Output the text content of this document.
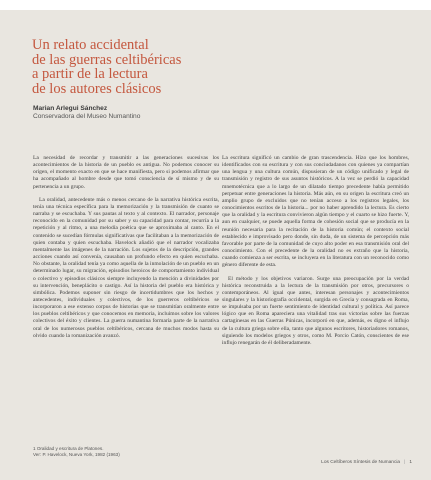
Un relato accidental
de las guerras celtibéricas
a partir de la lectura
de los autores clásicos
Marian Arlegui Sánchez
Conservadora del Museo Numantino

La necesidad de recordar y transmitir a las generaciones sucesivas los acontecimientos de la historia de un pueblo es antigua. No podemos conocer su origen, el momento exacto en que se hace manifiesta, pero si podemos afirmar que ha acompañado al hombre desde que tomó consciencia de sí mismo y de su pertenencia a un grupo.

La oralidad, antecedente más o menos cercano de la narrativa histórica escrita, tenía una técnica específica para la memorización y la transmisión de cuanto se narraba y se escuchaba. Y sus pautas al texto y al contexto. El narrador, personaje reconocido en la comunidad por su saber y su capacidad para contar, recurría a la repetición y al ritmo, a una melodía poética que se aproximaba al canto. En el contenido se sucedían fórmulas significativas que facilitaban a la memorización de quien contaba y quien escuchaba. Havelock añadió que el narrador vocalizaba mentalmente las imágenes de la narración. Los sujetos de la descripción, grandes acciones cuando así convenía, causaban un profundo efecto en quien escuchaba. No obstante, la oralidad tenía ya como aquella de la inmolación de un pueblo en un determinado lugar, su migración, episodios heroicos de comportamiento individual o colectivo y episodios clásicos siempre incluyendo la mención a divinidades por su intervención, beneplácito o castigo. Así la historia del pueblo era histórica y simbólica. Podemos suponer sin riesgo de incertidumbres que los hechos y antecedentes, individuales y colectivos, de los guerreros celtibéricos se incorporaron a ese extenso corpus de historias que se transmitían oralmente entre los pueblos celtibéricos y que conocemos en memoria, incluimos sobre los valores colectivos del éxito y clientes. La guerra numantina formaría parte de la narrativa oral de los numerosos pueblos celtibéricos, cercana de muchos modos hasta su olvido cuando la romanización avanzó.

La escritura significó un cambio de gran trascendencia. Hizo que los hombres, identificados con su escritura y con sus conciudadanos con quienes ya compartían una lengua y una cultura común, dispusieran de un código unificado y legal de transmisión y registro de sus asuntos históricos. A la vez se perdió la capacidad mnemotécnica que a lo largo de un dilatado tiempo precedente había permitido perpetuar entre generaciones la historia. Más aún, en su origen la escritura creó un amplio grupo de excluidos que no tenían acceso a los registros legales, los conocimientos escritos de la historia... por no haber aprendido la lectura. Es cierto que la oralidad y la escritura convivieron algún tiempo y el cuarto se hizo fuerte. Y, aun en cualquier, se puede aquella forma de cohesión social que se producía en la reunión necesaria para la recitación de la historia común; el contexto social establecido e improvisado pero donde, sin duda, de un sistema de percepción más favorable por parte de la comunidad de cuyo alto poder en esa transmisión oral del conocimiento. Con el precedente de la oralidad no es extraño que la historia, cuando comienza a ser escrita, se incluyera en la literatura con un reconocido como género diferente de esta.

El método y los objetivos variaron. Surge una preocupación por la verdad histórica reconstruida a la lectura de la transmisión por otros, precursores o contemporáneos. Al igual que antes, interesan personajes y acontecimientos singulares y la historiografía occidental, surgida en Grecia y consagrada en Roma, se impulsaba por un fuerte sentimiento de identidad cultural y política. Así parece lógico que en Roma apareciera una vitalidad tras sus victorias sobre las fuerzas cartaginesas en las Guerras Púnicas, incorporó en que, además, es digno el influjo de la cultura griega sobre ella, tanto que algunos escritores, historiadores romanos, siguiendo los modelos griegos y otros, como M. Porcio Catón, conscientes de ese influjo renegarán de él deliberadamente.

1 Oralidad y escritura de Platones.
Ver: P. Havelock, Nueva York, 1982 (1963)
Los Celtíberos Síntesis de Numancia | 1
